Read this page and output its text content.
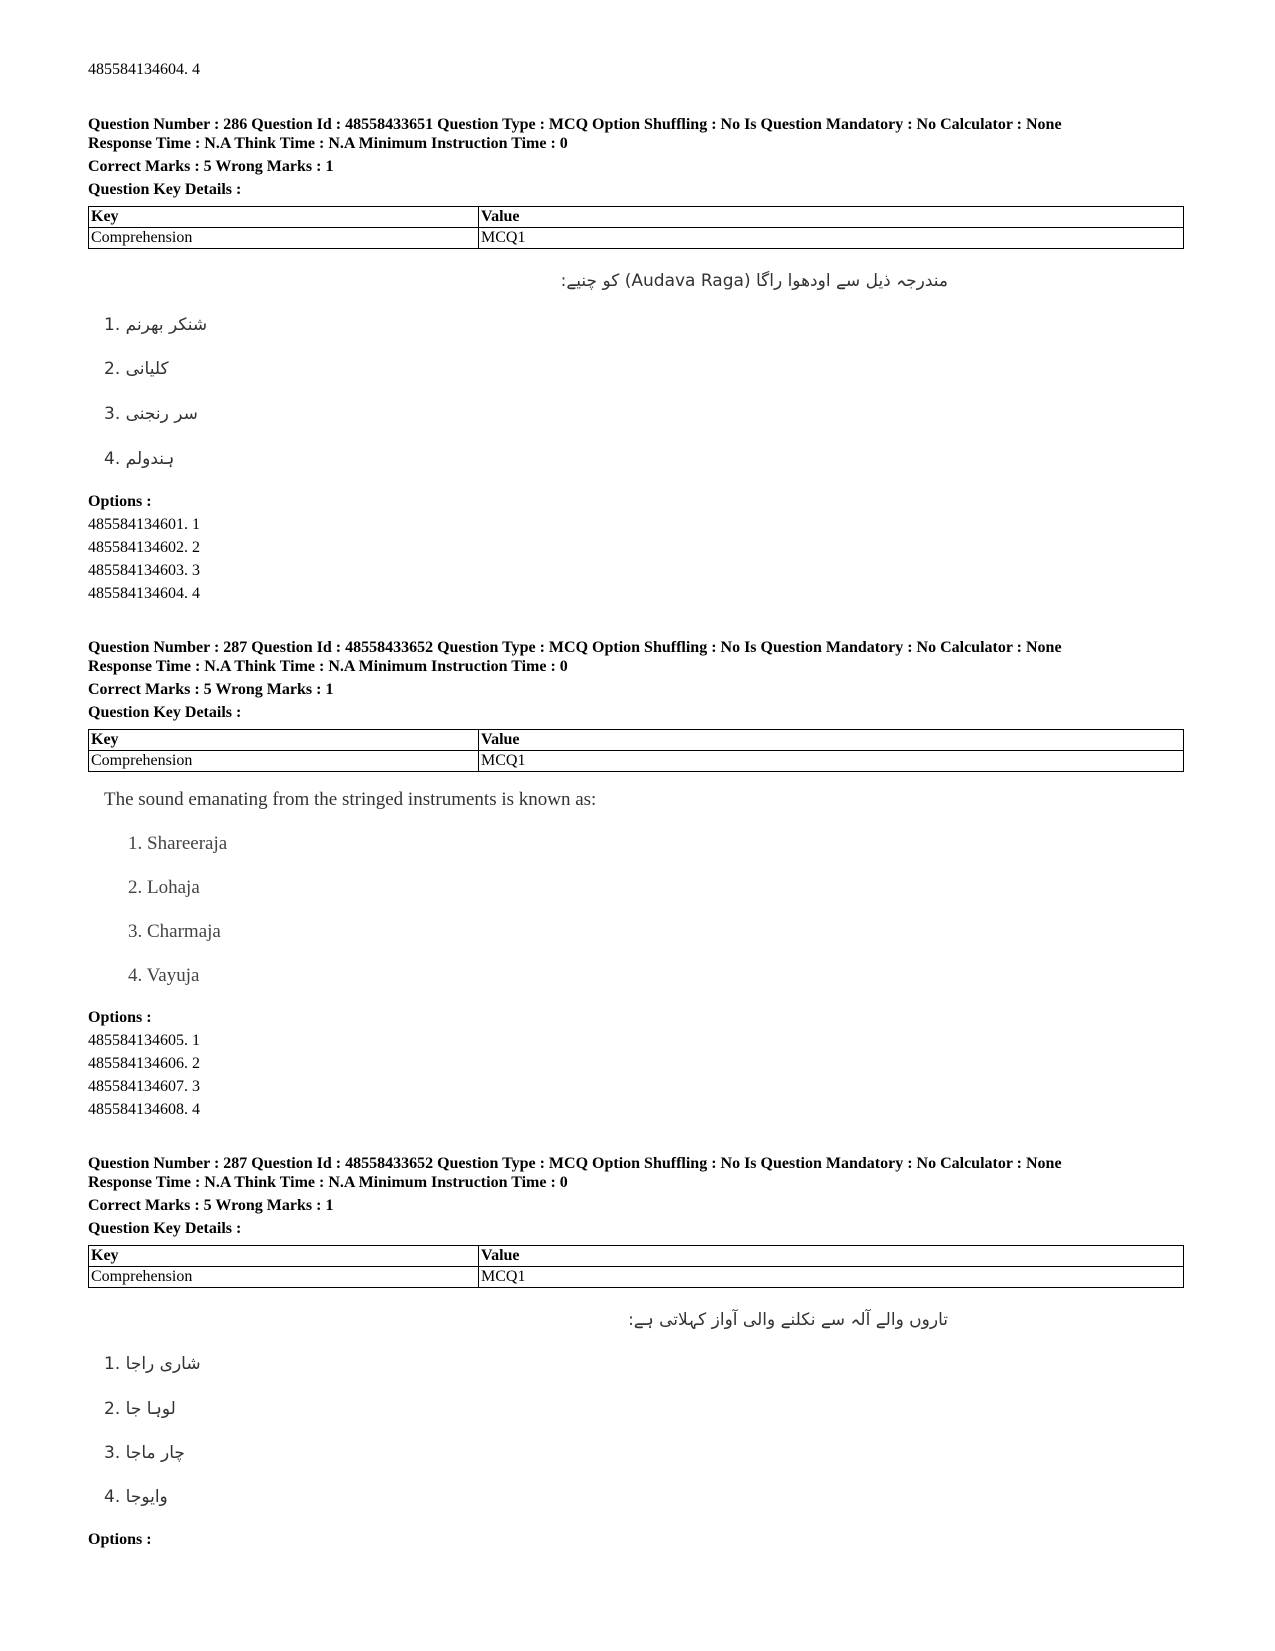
485584134604. 4
Question Number : 286 Question Id : 48558433651 Question Type : MCQ Option Shuffling : No Is Question Mandatory : No Calculator : None
Response Time : N.A Think Time : N.A Minimum Instruction Time : 0
Correct Marks : 5 Wrong Marks : 1
Question Key Details :
Key	Value
Comprehension	MCQ1
مندرجہ ذیل سے اودھوا راگا (Audava Raga) کو چنیے:
شنکر بھرنم .1
کلیانی .2
سر رنجنی .3
ہندولم .4
Options :
485584134601. 1
485584134602. 2
485584134603. 3
485584134604. 4
Question Number : 287 Question Id : 48558433652 Question Type : MCQ Option Shuffling : No Is Question Mandatory : No Calculator : None
Response Time : N.A Think Time : N.A Minimum Instruction Time : 0
Correct Marks : 5 Wrong Marks : 1
Question Key Details :
Key	Value
Comprehension	MCQ1
The sound emanating from the stringed instruments is known as:
1. Shareeraja
2. Lohaja
3. Charmaja
4. Vayuja
Options :
485584134605. 1
485584134606. 2
485584134607. 3
485584134608. 4
Question Number : 287 Question Id : 48558433652 Question Type : MCQ Option Shuffling : No Is Question Mandatory : No Calculator : None
Response Time : N.A Think Time : N.A Minimum Instruction Time : 0
Correct Marks : 5 Wrong Marks : 1
Question Key Details :
Key	Value
Comprehension	MCQ1
تاروں والے آلہ سے نکلنے والی آواز کہلاتی ہے:
شاری راجا .1
لوہا جا .2
چار ماجا .3
وایوجا .4
Options :
